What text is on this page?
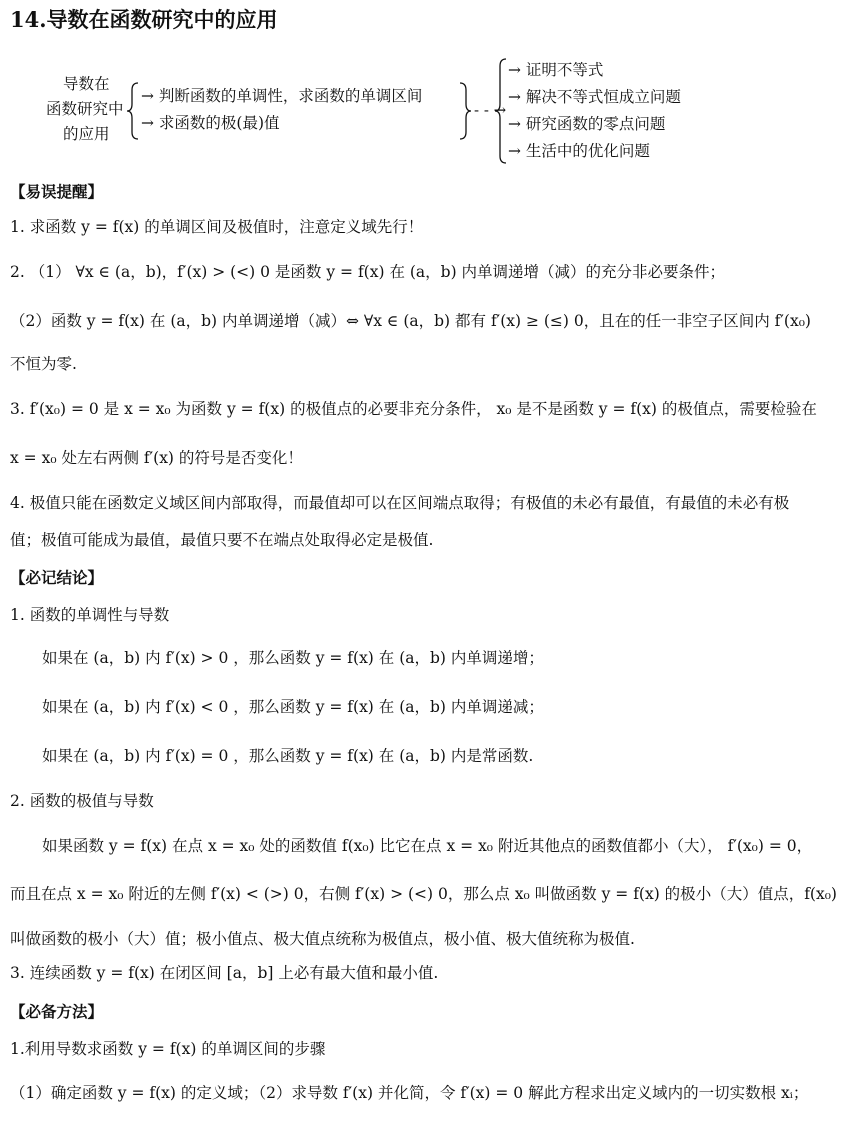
14.导数在函数研究中的应用
导数在
函数研究中
的应用
→ 判断函数的单调性，求函数的单调区间
→ 求函数的极(最)值
- - →
→ 证明不等式
→ 解决不等式恒成立问题
→ 研究函数的零点问题
→ 生活中的优化问题
【易误提醒】
1. 求函数 y = f(x) 的单调区间及极值时，注意定义域先行！
2. （1） ∀x ∈ (a，b)，f′(x) > (<) 0 是函数 y = f(x) 在 (a，b) 内单调递增（减）的充分非必要条件；
（2）函数 y = f(x) 在 (a，b) 内单调递增（减）⇔ ∀x ∈ (a，b) 都有 f′(x) ≥ (≤) 0，且在的任一非空子区间内 f′(x₀)
不恒为零.
3. f′(x₀) = 0 是 x = x₀ 为函数 y = f(x) 的极值点的必要非充分条件， x₀ 是不是函数 y = f(x) 的极值点，需要检验在
x = x₀ 处左右两侧 f′(x) 的符号是否变化！
4. 极值只能在函数定义域区间内部取得，而最值却可以在区间端点取得；有极值的未必有最值，有最值的未必有极
值；极值可能成为最值，最值只要不在端点处取得必定是极值.
【必记结论】
1. 函数的单调性与导数
如果在 (a，b) 内 f′(x) > 0 ，那么函数 y = f(x) 在 (a，b) 内单调递增；
如果在 (a，b) 内 f′(x) < 0 ，那么函数 y = f(x) 在 (a，b) 内单调递减；
如果在 (a，b) 内 f′(x) = 0 ，那么函数 y = f(x) 在 (a，b) 内是常函数.
2. 函数的极值与导数
如果函数 y = f(x) 在点 x = x₀ 处的函数值 f(x₀) 比它在点 x = x₀ 附近其他点的函数值都小（大）， f′(x₀) = 0，
而且在点 x = x₀ 附近的左侧 f′(x) < (>) 0，右侧 f′(x) > (<) 0，那么点 x₀ 叫做函数 y = f(x) 的极小（大）值点，f(x₀)
叫做函数的极小（大）值；极小值点、极大值点统称为极值点，极小值、极大值统称为极值.
3. 连续函数 y = f(x) 在闭区间 [a，b] 上必有最大值和最小值.
【必备方法】
1.利用导数求函数 y = f(x) 的单调区间的步骤
（1）确定函数 y = f(x) 的定义域；（2）求导数 f′(x) 并化简，令 f′(x) = 0 解此方程求出定义域内的一切实数根 xᵢ；
